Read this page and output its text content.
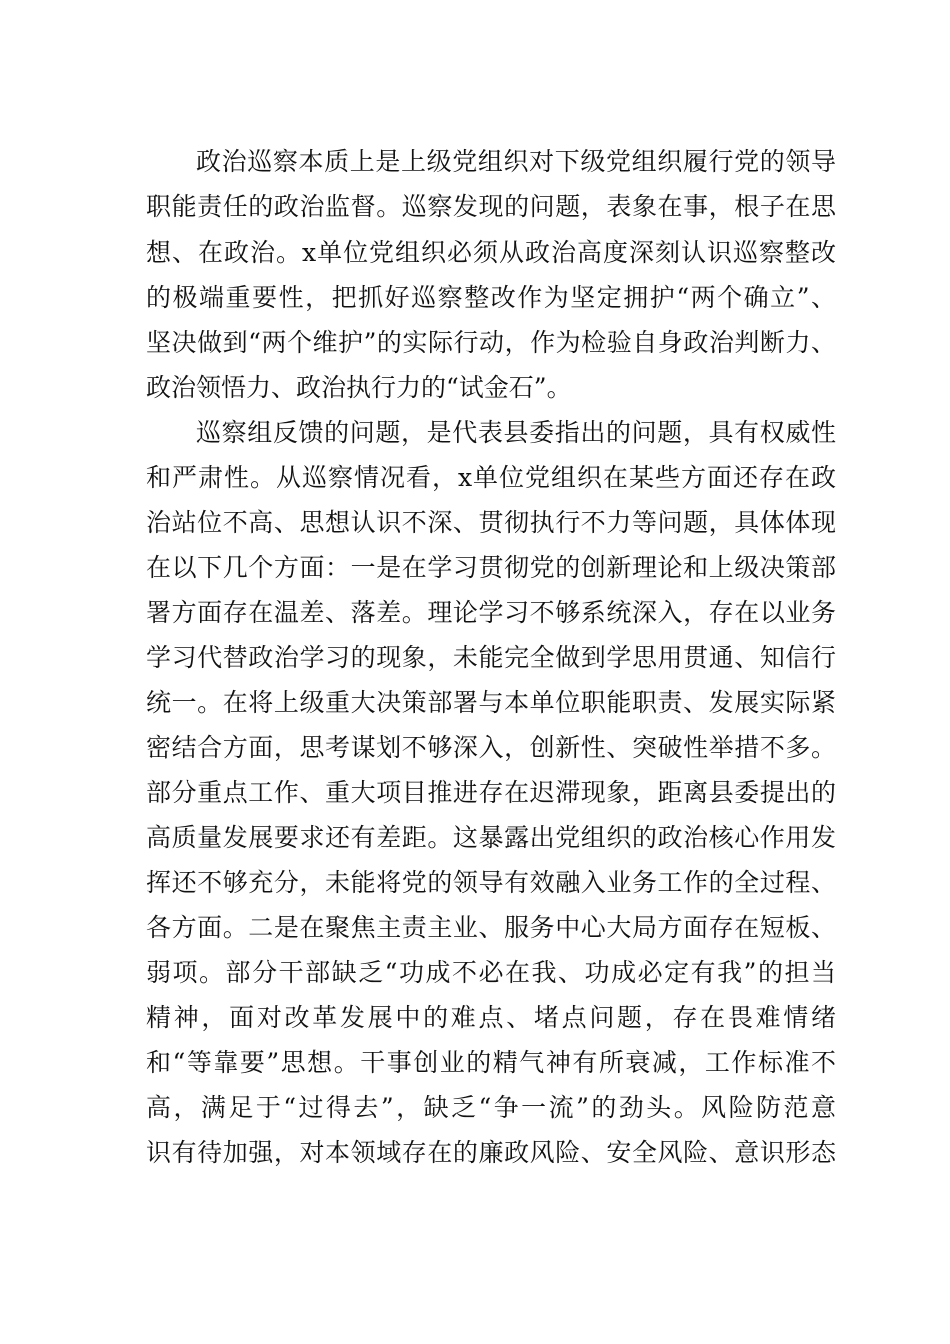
政治巡察本质上是上级党组织对下级党组织履行党的领导
职能责任的政治监督。巡察发现的问题，表象在事，根子在思
想、在政治。x单位党组织必须从政治高度深刻认识巡察整改
的极端重要性，把抓好巡察整改作为坚定拥护“两个确立”、
坚决做到“两个维护”的实际行动，作为检验自身政治判断力、
政治领悟力、政治执行力的“试金石”。
巡察组反馈的问题，是代表县委指出的问题，具有权威性
和严肃性。从巡察情况看，x单位党组织在某些方面还存在政
治站位不高、思想认识不深、贯彻执行不力等问题，具体体现
在以下几个方面：一是在学习贯彻党的创新理论和上级决策部
署方面存在温差、落差。理论学习不够系统深入，存在以业务
学习代替政治学习的现象，未能完全做到学思用贯通、知信行
统一。在将上级重大决策部署与本单位职能职责、发展实际紧
密结合方面，思考谋划不够深入，创新性、突破性举措不多。
部分重点工作、重大项目推进存在迟滞现象，距离县委提出的
高质量发展要求还有差距。这暴露出党组织的政治核心作用发
挥还不够充分，未能将党的领导有效融入业务工作的全过程、
各方面。二是在聚焦主责主业、服务中心大局方面存在短板、
弱项。部分干部缺乏“功成不必在我、功成必定有我”的担当
精神，面对改革发展中的难点、堵点问题，存在畏难情绪
和“等靠要”思想。干事创业的精气神有所衰减，工作标准不
高，满足于“过得去”，缺乏“争一流”的劲头。风险防范意
识有待加强，对本领域存在的廉政风险、安全风险、意识形态
